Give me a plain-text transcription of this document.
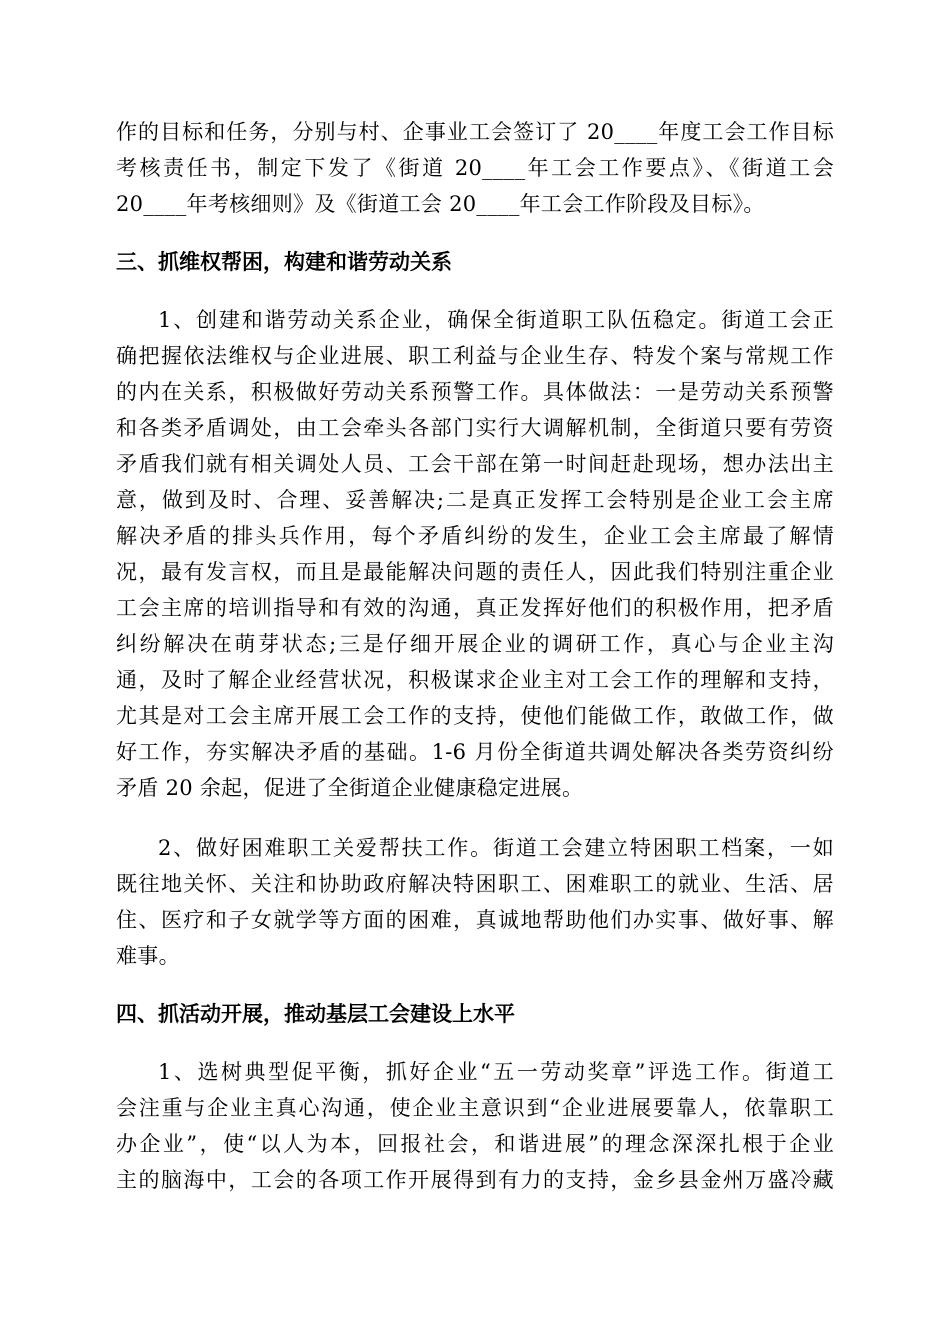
作的目标和任务，分别与村、企事业工会签订了 20____年度工会工作目标
考核责任书，制定下发了《街道 20____年工会工作要点》、《街道工会
20____年考核细则》及《街道工会 20____年工会工作阶段及目标》。
三、抓维权帮困，构建和谐劳动关系
1、创建和谐劳动关系企业，确保全街道职工队伍稳定。街道工会正
确把握依法维权与企业进展、职工利益与企业生存、特发个案与常规工作
的内在关系，积极做好劳动关系预警工作。具体做法：一是劳动关系预警
和各类矛盾调处，由工会牵头各部门实行大调解机制，全街道只要有劳资
矛盾我们就有相关调处人员、工会干部在第一时间赶赴现场，想办法出主
意，做到及时、合理、妥善解决;二是真正发挥工会特别是企业工会主席
解决矛盾的排头兵作用，每个矛盾纠纷的发生，企业工会主席最了解情
况，最有发言权，而且是最能解决问题的责任人，因此我们特别注重企业
工会主席的培训指导和有效的沟通，真正发挥好他们的积极作用，把矛盾
纠纷解决在萌芽状态;三是仔细开展企业的调研工作，真心与企业主沟
通，及时了解企业经营状况，积极谋求企业主对工会工作的理解和支持，
尤其是对工会主席开展工会工作的支持，使他们能做工作，敢做工作，做
好工作，夯实解决矛盾的基础。1-6 月份全街道共调处解决各类劳资纠纷
矛盾 20 余起，促进了全街道企业健康稳定进展。
2、做好困难职工关爱帮扶工作。街道工会建立特困职工档案，一如
既往地关怀、关注和协助政府解决特困职工、困难职工的就业、生活、居
住、医疗和子女就学等方面的困难，真诚地帮助他们办实事、做好事、解
难事。
四、抓活动开展，推动基层工会建设上水平
1、选树典型促平衡，抓好企业“五一劳动奖章”评选工作。街道工
会注重与企业主真心沟通，使企业主意识到“企业进展要靠人，依靠职工
办企业”，使“以人为本，回报社会，和谐进展”的理念深深扎根于企业
主的脑海中，工会的各项工作开展得到有力的支持，金乡县金州万盛冷藏
